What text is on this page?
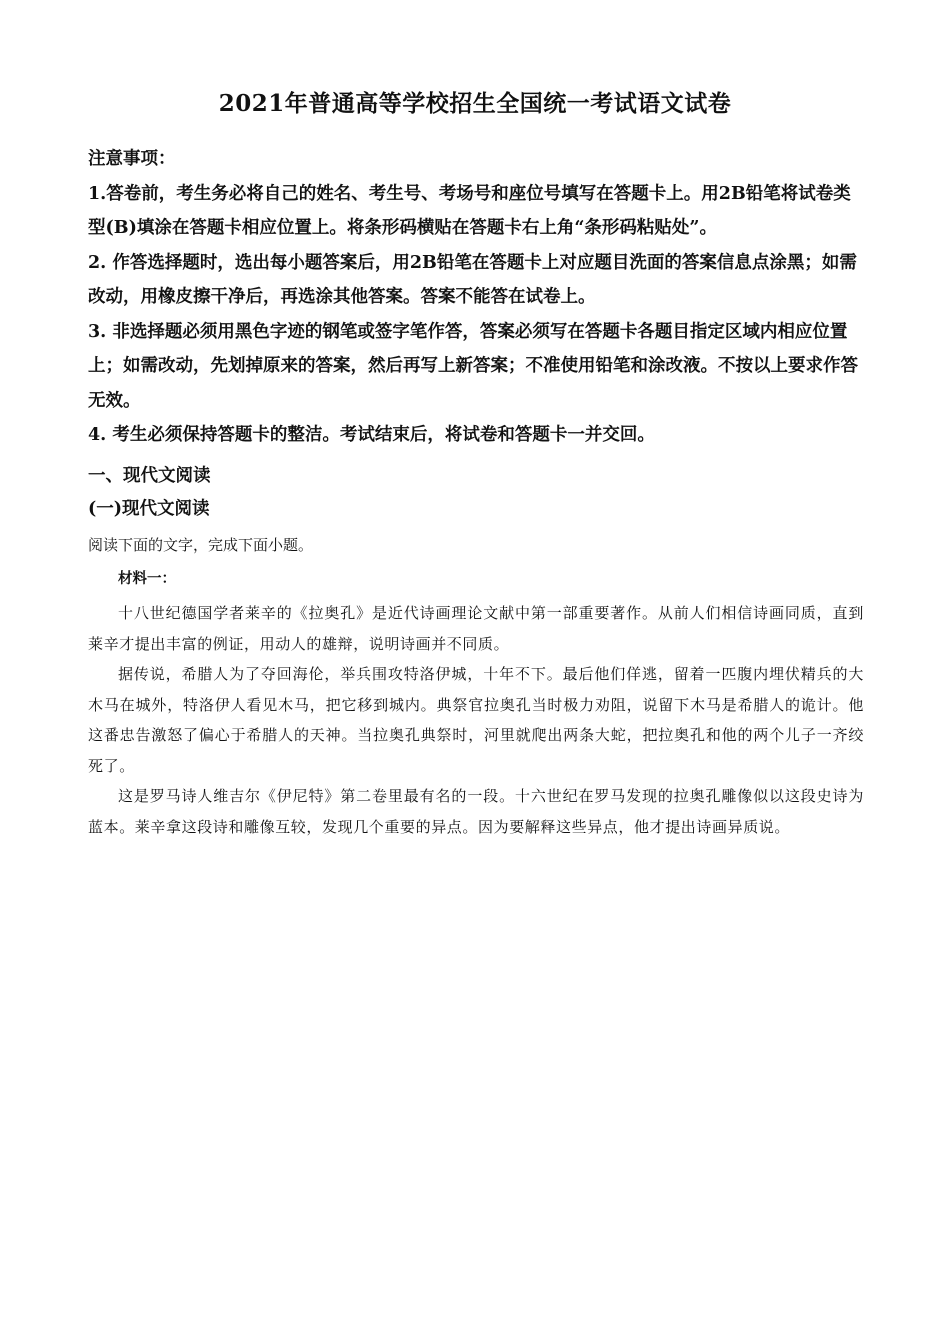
2021年普通高等学校招生全国统一考试语文试卷

注意事项：

1.答卷前，考生务必将自己的姓名、考生号、考场号和座位号填写在答题卡上。用2B铅笔将试卷类型(B)填涂在答题卡相应位置上。将条形码横贴在答题卡右上角“条形码粘贴处”。

2. 作答选择题时，选出每小题答案后，用2B铅笔在答题卡上对应题目洗面的答案信息点涂黑；如需改动，用橡皮擦干净后，再选涂其他答案。答案不能答在试卷上。

3. 非选择题必须用黑色字迹的钢笔或签字笔作答，答案必须写在答题卡各题目指定区域内相应位置上；如需改动，先划掉原来的答案，然后再写上新答案；不准使用铅笔和涂改液。不按以上要求作答无效。

4. 考生必须保持答题卡的整洁。考试结束后，将试卷和答题卡一并交回。

一、现代文阅读

(一)现代文阅读

阅读下面的文字，完成下面小题。

材料一：

十八世纪德国学者莱辛的《拉奥孔》是近代诗画理论文献中第一部重要著作。从前人们相信诗画同质，直到莱辛才提出丰富的例证，用动人的雄辩，说明诗画并不同质。

据传说，希腊人为了夺回海伦，举兵围攻特洛伊城，十年不下。最后他们佯逃，留着一匹腹内埋伏精兵的大木马在城外，特洛伊人看见木马，把它移到城内。典祭官拉奥孔当时极力劝阻，说留下木马是希腊人的诡计。他这番忠告激怒了偏心于希腊人的天神。当拉奥孔典祭时，河里就爬出两条大蛇，把拉奥孔和他的两个儿子一齐绞死了。

这是罗马诗人维吉尔《伊尼特》第二卷里最有名的一段。十六世纪在罗马发现的拉奥孔雕像似以这段史诗为蓝本。莱辛拿这段诗和雕像互较，发现几个重要的异点。因为要解释这些异点，他才提出诗画异质说。
